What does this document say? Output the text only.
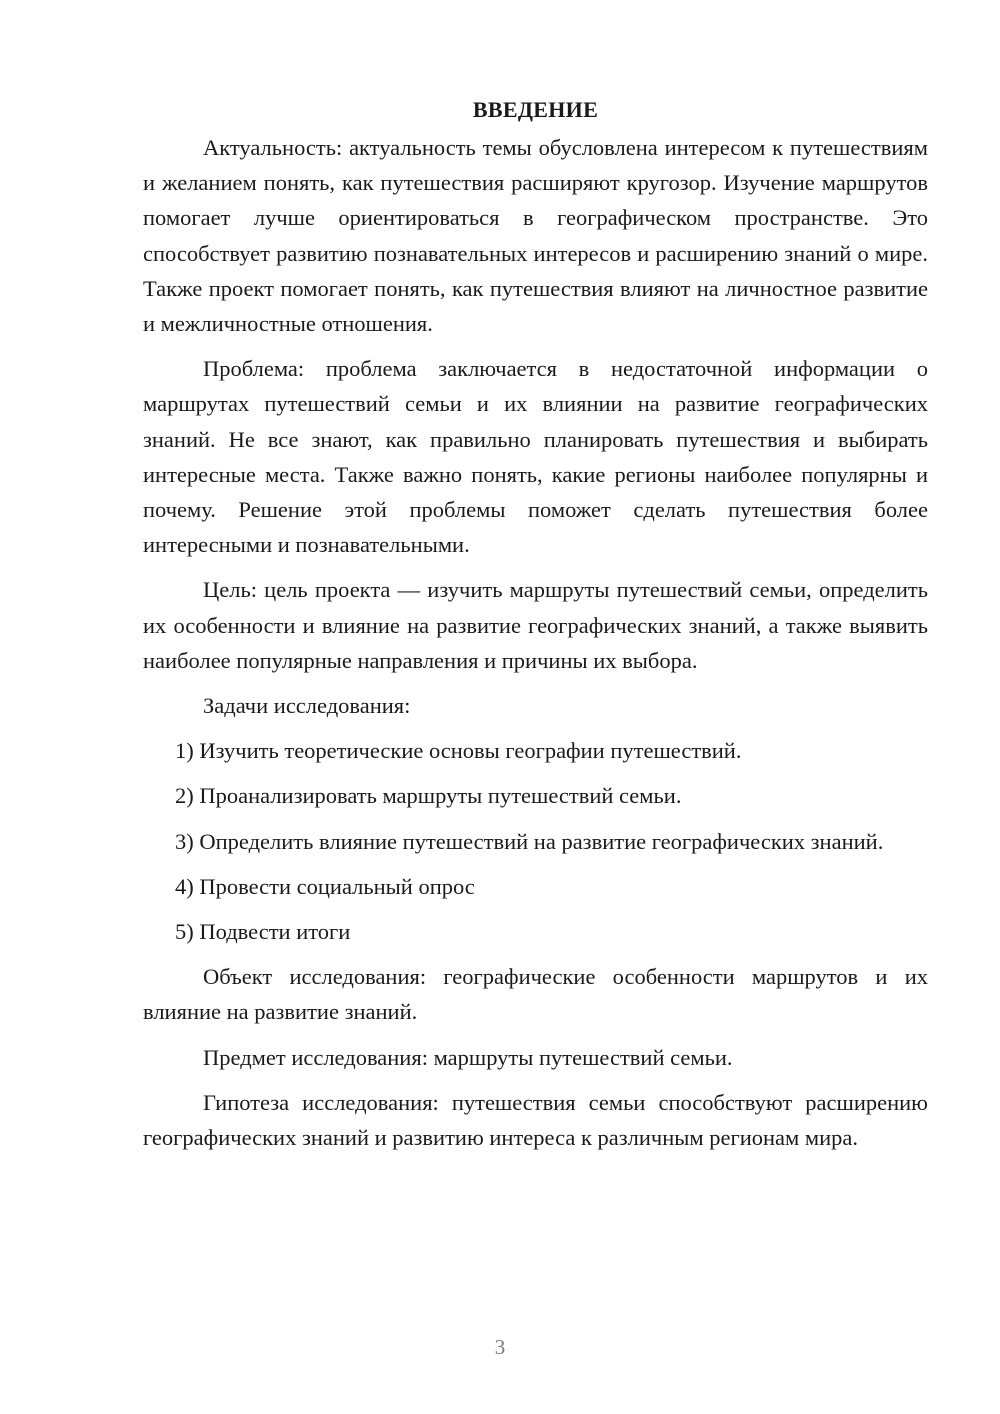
ВВЕДЕНИЕ

Актуальность: актуальность темы обусловлена интересом к путешествиям и желанием понять, как путешествия расширяют кругозор. Изучение маршрутов помогает лучше ориентироваться в географическом пространстве. Это способствует развитию познавательных интересов и расширению знаний о мире. Также проект помогает понять, как путешествия влияют на личностное развитие и межличностные отношения.

Проблема: проблема заключается в недостаточной информации о маршрутах путешествий семьи и их влиянии на развитие географических знаний. Не все знают, как правильно планировать путешествия и выбирать интересные места. Также важно понять, какие регионы наиболее популярны и почему. Решение этой проблемы поможет сделать путешествия более интересными и познавательными.

Цель: цель проекта — изучить маршруты путешествий семьи, определить их особенности и влияние на развитие географических знаний, а также выявить наиболее популярные направления и причины их выбора.

Задачи исследования:

1) Изучить теоретические основы географии путешествий.

2) Проанализировать маршруты путешествий семьи.

3) Определить влияние путешествий на развитие географических знаний.

4) Провести социальный опрос

5) Подвести итоги

Объект исследования: географические особенности маршрутов и их влияние на развитие знаний.

Предмет исследования: маршруты путешествий семьи.

Гипотеза исследования: путешествия семьи способствуют расширению географических знаний и развитию интереса к различным регионам мира.

3
